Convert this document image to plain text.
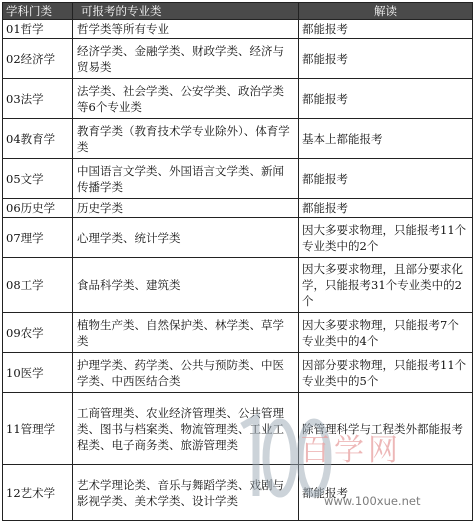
学科门类	可报考的专业类	解读
01哲学	哲学类等所有专业	都能报考
02经济学	经济学类、金融学类、财政学类、经济与贸易类	都能报考
03法学	法学类、社会学类、公安学类、政治学类等6个专业类	都能报考
04教育学	教育学类（教育技术学专业除外）、体育学类	基本上都能报考
05文学	中国语言文学类、外国语言文学类、新闻传播学类	都能报考
06历史学	历史学类	都能报考
07理学	心理学类、统计学类	因大多要求物理，只能报考11个专业类中的2个
08工学	食品科学类、建筑类	因大多要求物理，且部分要求化学，只能报考31个专业类中的2个
09农学	植物生产类、自然保护类、林学类、草学类	因大多要求物理，只能报考7个专业类中的4个
10医学	护理学类、药学类、公共与预防类、中医学类、中西医结合类	因部分要求物理，只能报考11个专业类中的5个
11管理学	工商管理类、农业经济管理类、公共管理类、图书与档案类、物流管理类、工业工程类、电子商务类、旅游管理类	除管理科学与工程类外都能报考
12艺术学	艺术学理论类、音乐与舞蹈学类、戏剧与影视学类、美术学类、设计学类	都能报考
百学网
www.100xue.net
